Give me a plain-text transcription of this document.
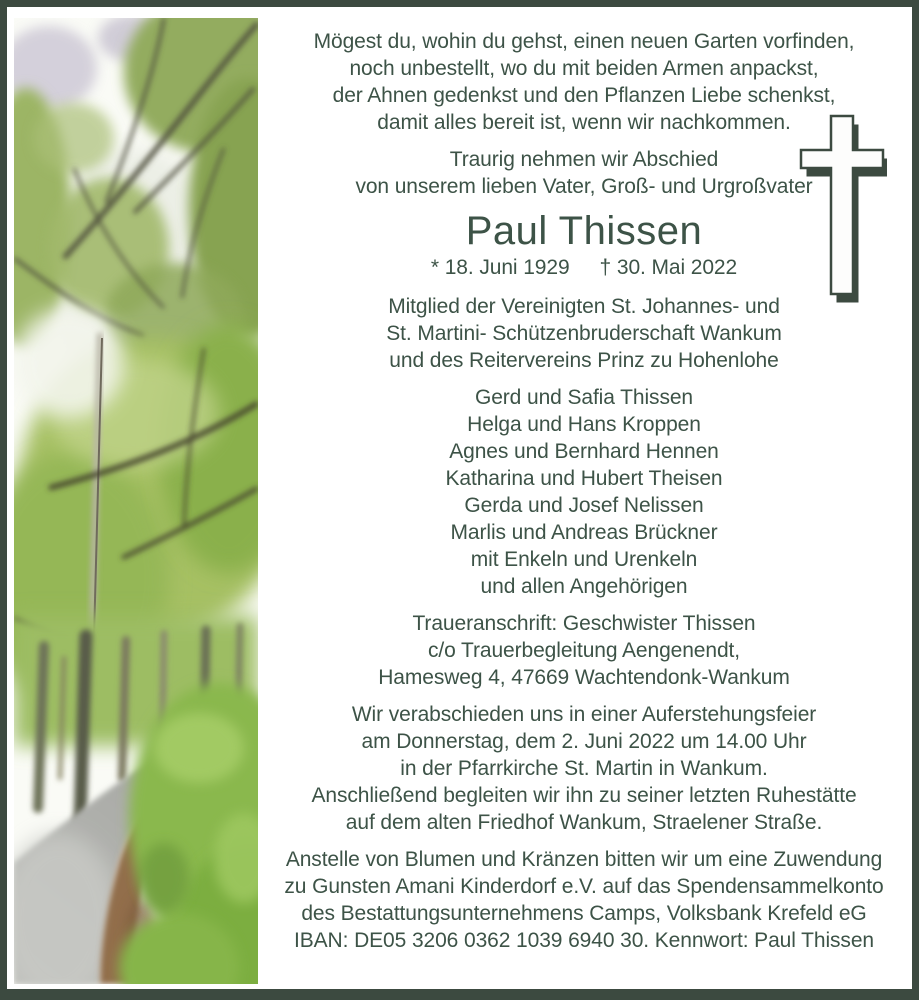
Mögest du, wohin du gehst, einen neuen Garten vorfinden,
noch unbestellt, wo du mit beiden Armen anpackst,
der Ahnen gedenkst und den Pflanzen Liebe schenkst,
damit alles bereit ist, wenn wir nachkommen.
Traurig nehmen wir Abschied
von unserem lieben Vater, Groß- und Urgroßvater
Paul Thissen
* 18. Juni 1929 † 30. Mai 2022
Mitglied der Vereinigten St. Johannes- und
St. Martini- Schützenbruderschaft Wankum
und des Reitervereins Prinz zu Hohenlohe
Gerd und Safia Thissen
Helga und Hans Kroppen
Agnes und Bernhard Hennen
Katharina und Hubert Theisen
Gerda und Josef Nelissen
Marlis und Andreas Brückner
mit Enkeln und Urenkeln
und allen Angehörigen
Traueranschrift: Geschwister Thissen
c/o Trauerbegleitung Aengenendt,
Hamesweg 4, 47669 Wachtendonk-Wankum
Wir verabschieden uns in einer Auferstehungsfeier
am Donnerstag, dem 2. Juni 2022 um 14.00 Uhr
in der Pfarrkirche St. Martin in Wankum.
Anschließend begleiten wir ihn zu seiner letzten Ruhestätte
auf dem alten Friedhof Wankum, Straelener Straße.
Anstelle von Blumen und Kränzen bitten wir um eine Zuwendung
zu Gunsten Amani Kinderdorf e.V. auf das Spendensammelkonto
des Bestattungsunternehmens Camps, Volksbank Krefeld eG
IBAN: DE05 3206 0362 1039 6940 30. Kennwort: Paul Thissen
